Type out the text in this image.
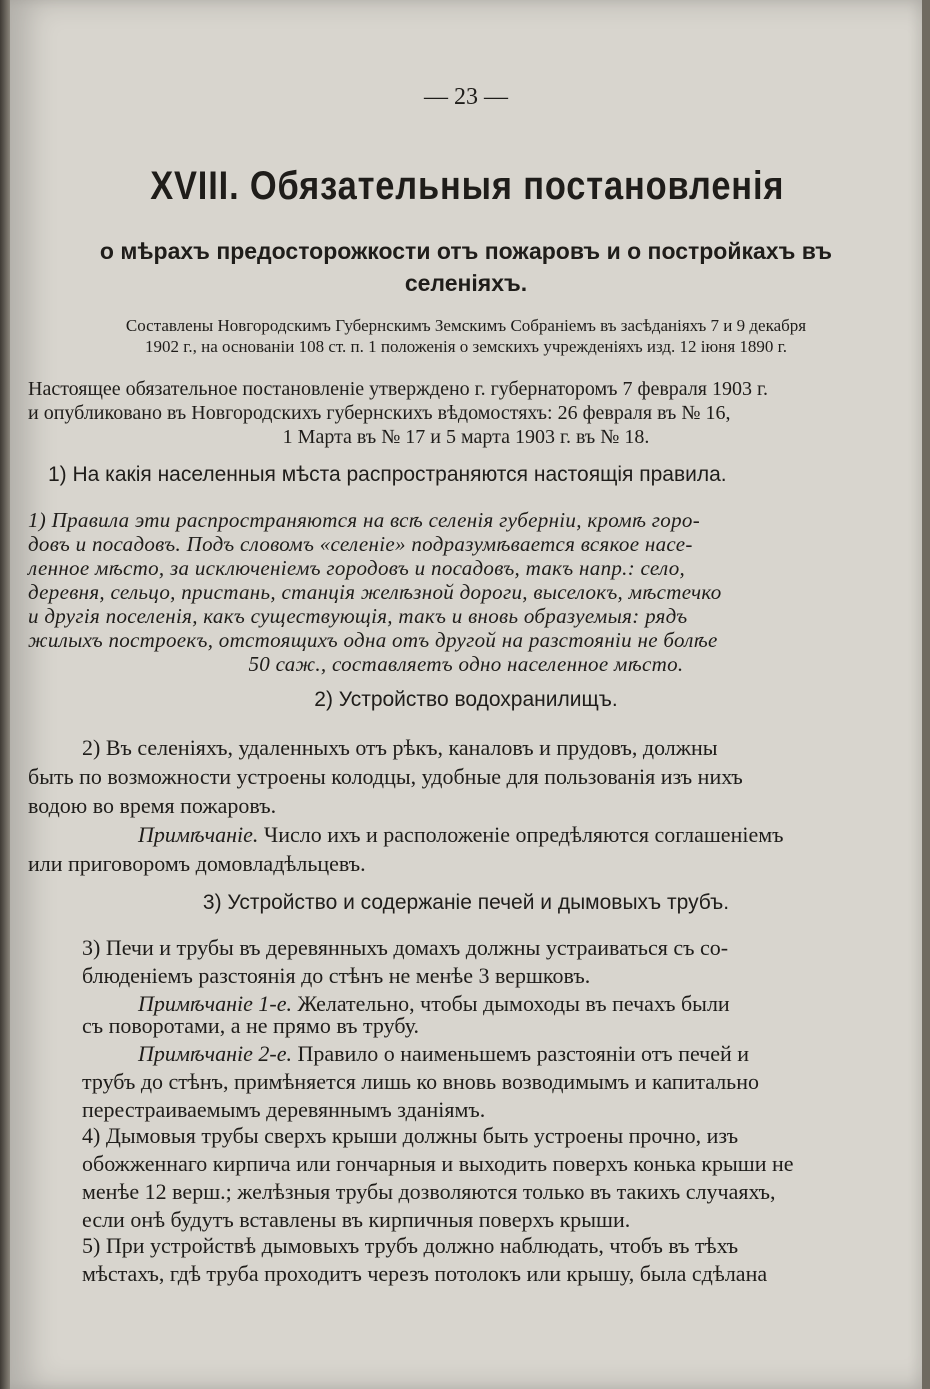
— 23 —
XVIII. Обязательныя постановленія
о мѣрахъ предосторожкости отъ пожаровъ и о постройкахъ въ
селеніяхъ.
Составлены Новгородскимъ Губернскимъ Земскимъ Собраніемъ въ засѣданіяхъ 7 и 9 декабря
1902 г., на основаніи 108 ст. п. 1 положенія о земскихъ учрежденіяхъ изд. 12 іюня 1890 г.
Настоящее обязательное постановленіе утверждено г. губернаторомъ 7 февраля 1903 г.
и опубликовано въ Новгородскихъ губернскихъ вѣдомостяхъ: 26 февраля въ № 16,
1 Марта въ № 17 и 5 марта 1903 г. въ № 18.
1) На какія населенныя мѣста распространяются настоящія правила.
1) Правила эти распространяются на всѣ селенія губерніи, кромѣ горо-
довъ и посадовъ. Подъ словомъ «селеніе» подразумѣвается всякое насе-
ленное мѣсто, за исключеніемъ городовъ и посадовъ, такъ напр.: село,
деревня, сельцо, пристань, станція желѣзной дороги, выселокъ, мѣстечко
и другія поселенія, какъ существующія, такъ и вновь образуемыя: рядъ
жилыхъ построекъ, отстоящихъ одна отъ другой на разстояніи не болѣе
50 саж., составляетъ одно населенное мѣсто.
2) Устройство водохранилищъ.
2) Въ селеніяхъ, удаленныхъ отъ рѣкъ, каналовъ и прудовъ, должны
быть по возможности устроены колодцы, удобные для пользованія изъ нихъ
водою во время пожаровъ.
Примѣчаніе. Число ихъ и расположеніе опредѣляются соглашеніемъ
или приговоромъ домовладѣльцевъ.
3) Устройство и содержаніе печей и дымовыхъ трубъ.
3) Печи и трубы въ деревянныхъ домахъ должны устраиваться съ со-
блюденіемъ разстоянія до стѣнъ не менѣе 3 вершковъ.
Примѣчаніе 1-е. Желательно, чтобы дымоходы въ печахъ были
съ поворотами, а не прямо въ трубу.
Примѣчаніе 2-е. Правило о наименьшемъ разстояніи отъ печей и
трубъ до стѣнъ, примѣняется лишь ко вновь возводимымъ и капитально
перестраиваемымъ деревяннымъ зданіямъ.
4) Дымовыя трубы сверхъ крыши должны быть устроены прочно, изъ
обожженнаго кирпича или гончарныя и выходить поверхъ конька крыши не
менѣе 12 верш.; желѣзныя трубы дозволяются только въ такихъ случаяхъ,
если онѣ будутъ вставлены въ кирпичныя поверхъ крыши.
5) При устройствѣ дымовыхъ трубъ должно наблюдать, чтобъ въ тѣхъ
мѣстахъ, гдѣ труба проходитъ черезъ потолокъ или крышу, была сдѣлана
